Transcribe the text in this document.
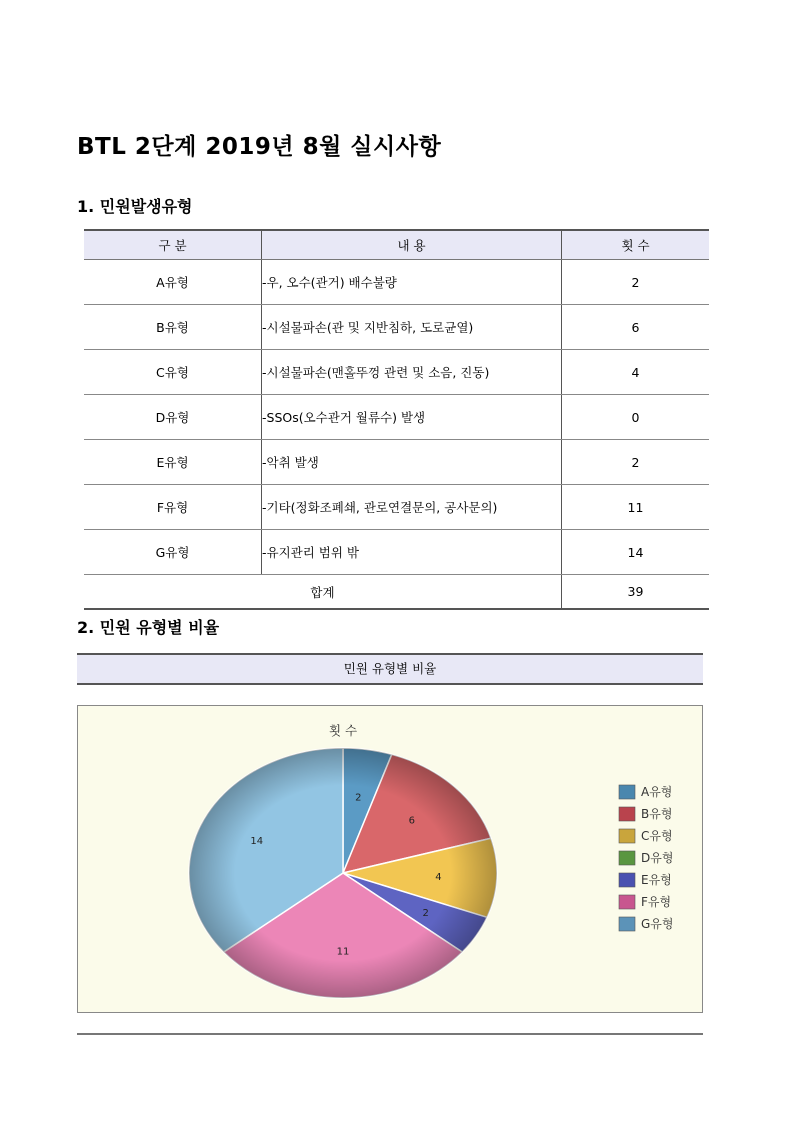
BTL 2단계 2019년 8월 실시사항
1. 민원발생유형
구 분	내 용	횟 수
A유형	-우, 오수(관거) 배수불량	2
B유형	-시설물파손(관 및 지반침하, 도로균열)	6
C유형	-시설물파손(맨홀뚜껑 관련 및 소음, 진동)	4
D유형	-SSOs(오수관거 월류수) 발생	0
E유형	-악취 발생	2
F유형	-기타(정화조폐쇄, 관로연결문의, 공사문의)	11
G유형	-유지관리 범위 밖	14
합계		39
2. 민원 유형별 비율
민원 유형별 비율
횟 수
2
6
4
2
11
14
A유형
B유형
C유형
D유형
E유형
F유형
G유형
